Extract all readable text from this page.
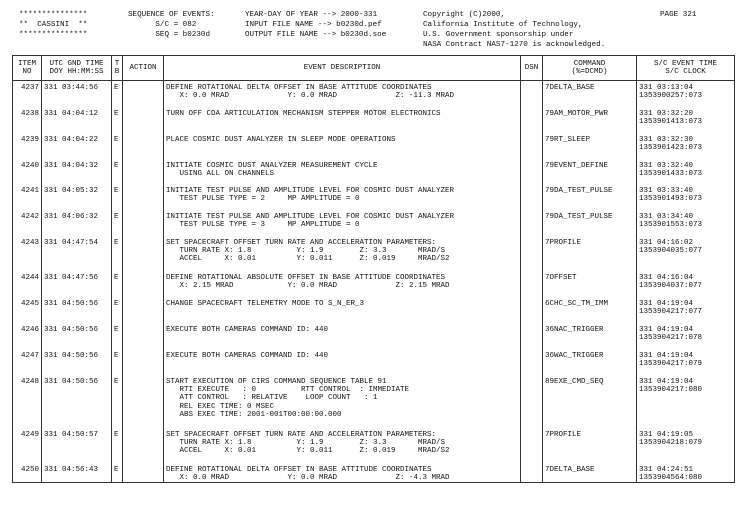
***************
**  CASSINI  **
***************
SEQUENCE OF EVENTS:
S/C = 082
SEQ = b0230d
YEAR-DAY OF YEAR --> 2000-331
INPUT FILE NAME --> b0230d.pef
OUTPUT FILE NAME --> b0230d.soe
Copyright (C)2000,
California Institute of Technology,
U.S. Government sponsorship under
NASA Contract NAS7-1270 is acknowledged.
PAGE 321
ITEM
NO	UTC GND TIME
DOY HH:MM:SS	T
B	ACTION	EVENT DESCRIPTION	DSN	COMMAND
(%=DCMD)	S/C EVENT TIME
S/C CLOCK
4237	331 03:44:56	E		DEFINE ROTATIONAL DELTA OFFSET IN BASE ATTITUDE COORDINATES
X: 0.0 MRAD             Y: 0.0 MRAD             Z: -11.3 MRAD		7DELTA_BASE	331 03:13:04
1353900257:073
4238	331 04:04:12	E		TURN OFF CDA ARTICULATION MECHANISM STEPPER MOTOR ELECTRONICS		79AM_MOTOR_PWR	331 03:32:20
1353901413:073
4239	331 04:04:22	E		PLACE COSMIC DUST ANALYZER IN SLEEP MODE OPERATIONS		79RT_SLEEP	331 03:32:30
1353901423:073
4240	331 04:04:32	E		INITIATE COSMIC DUST ANALYZER MEASUREMENT CYCLE
USING ALL ON CHANNELS		79EVENT_DEFINE	331 03:32:40
1353901433:073
4241	331 04:05:32	E		INITIATE TEST PULSE AND AMPLITUDE LEVEL FOR COSMIC DUST ANALYZER
TEST PULSE TYPE = 2     MP AMPLITUDE = 0		79DA_TEST_PULSE	331 03:33:40
1353901493:073
4242	331 04:06:32	E		INITIATE TEST PULSE AND AMPLITUDE LEVEL FOR COSMIC DUST ANALYZER
TEST PULSE TYPE = 3     MP AMPLITUDE = 0		79DA_TEST_PULSE	331 03:34:40
1353901553:073
4243	331 04:47:54	E		SET SPACECRAFT OFFSET TURN RATE AND ACCELERATION PARAMETERS:
TURN RATE X: 1.8          Y: 1.9        Z: 3.3       MRAD/S
ACCEL     X: 0.01         Y: 0.011      Z: 0.019     MRAD/S2		7PROFILE	331 04:16:02
1353904035:077
4244	331 04:47:56	E		DEFINE ROTATIONAL ABSOLUTE OFFSET IN BASE ATTITUDE COORDINATES
X: 2.15 MRAD            Y: 0.0 MRAD             Z: 2.15 MRAD		7OFFSET	331 04:16:04
1353904037:077
4245	331 04:50:56	E		CHANGE SPACECRAFT TELEMETRY MODE TO S_N_ER_3		6CHC_SC_TM_IMM	331 04:19:04
1353904217:077
4246	331 04:50:56	E		EXECUTE BOTH CAMERAS COMMAND ID: 440		36NAC_TRIGGER	331 04:19:04
1353904217:078
4247	331 04:50:56	E		EXECUTE BOTH CAMERAS COMMAND ID: 440		36WAC_TRIGGER	331 04:19:04
1353904217:079
4248	331 04:50:56	E		START EXECUTION OF CIRS COMMAND SEQUENCE TABLE 91
RTI EXECUTE   : 0          RTT CONTROL  : IMMEDIATE
ATT CONTROL   : RELATIVE    LOOP COUNT   : 1
REL EXEC TIME: 0 MSEC
ABS EXEC TIME: 2001-001T00:00:00.000		89EXE_CMD_SEQ	331 04:19:04
1353904217:080
4249	331 04:50:57	E		SET SPACECRAFT OFFSET TURN RATE AND ACCELERATION PARAMETERS:
TURN RATE X: 1.8          Y: 1.9        Z: 3.3       MRAD/S
ACCEL     X: 0.01         Y: 0.011      Z: 0.019     MRAD/S2		7PROFILE	331 04:19:05
1353904218:079
4250	331 04:56:43	E		DEFINE ROTATIONAL DELTA OFFSET IN BASE ATTITUDE COORDINATES
X: 0.0 MRAD             Y: 0.0 MRAD             Z: -4.3 MRAD		7DELTA_BASE	331 04:24:51
1353904564:080
